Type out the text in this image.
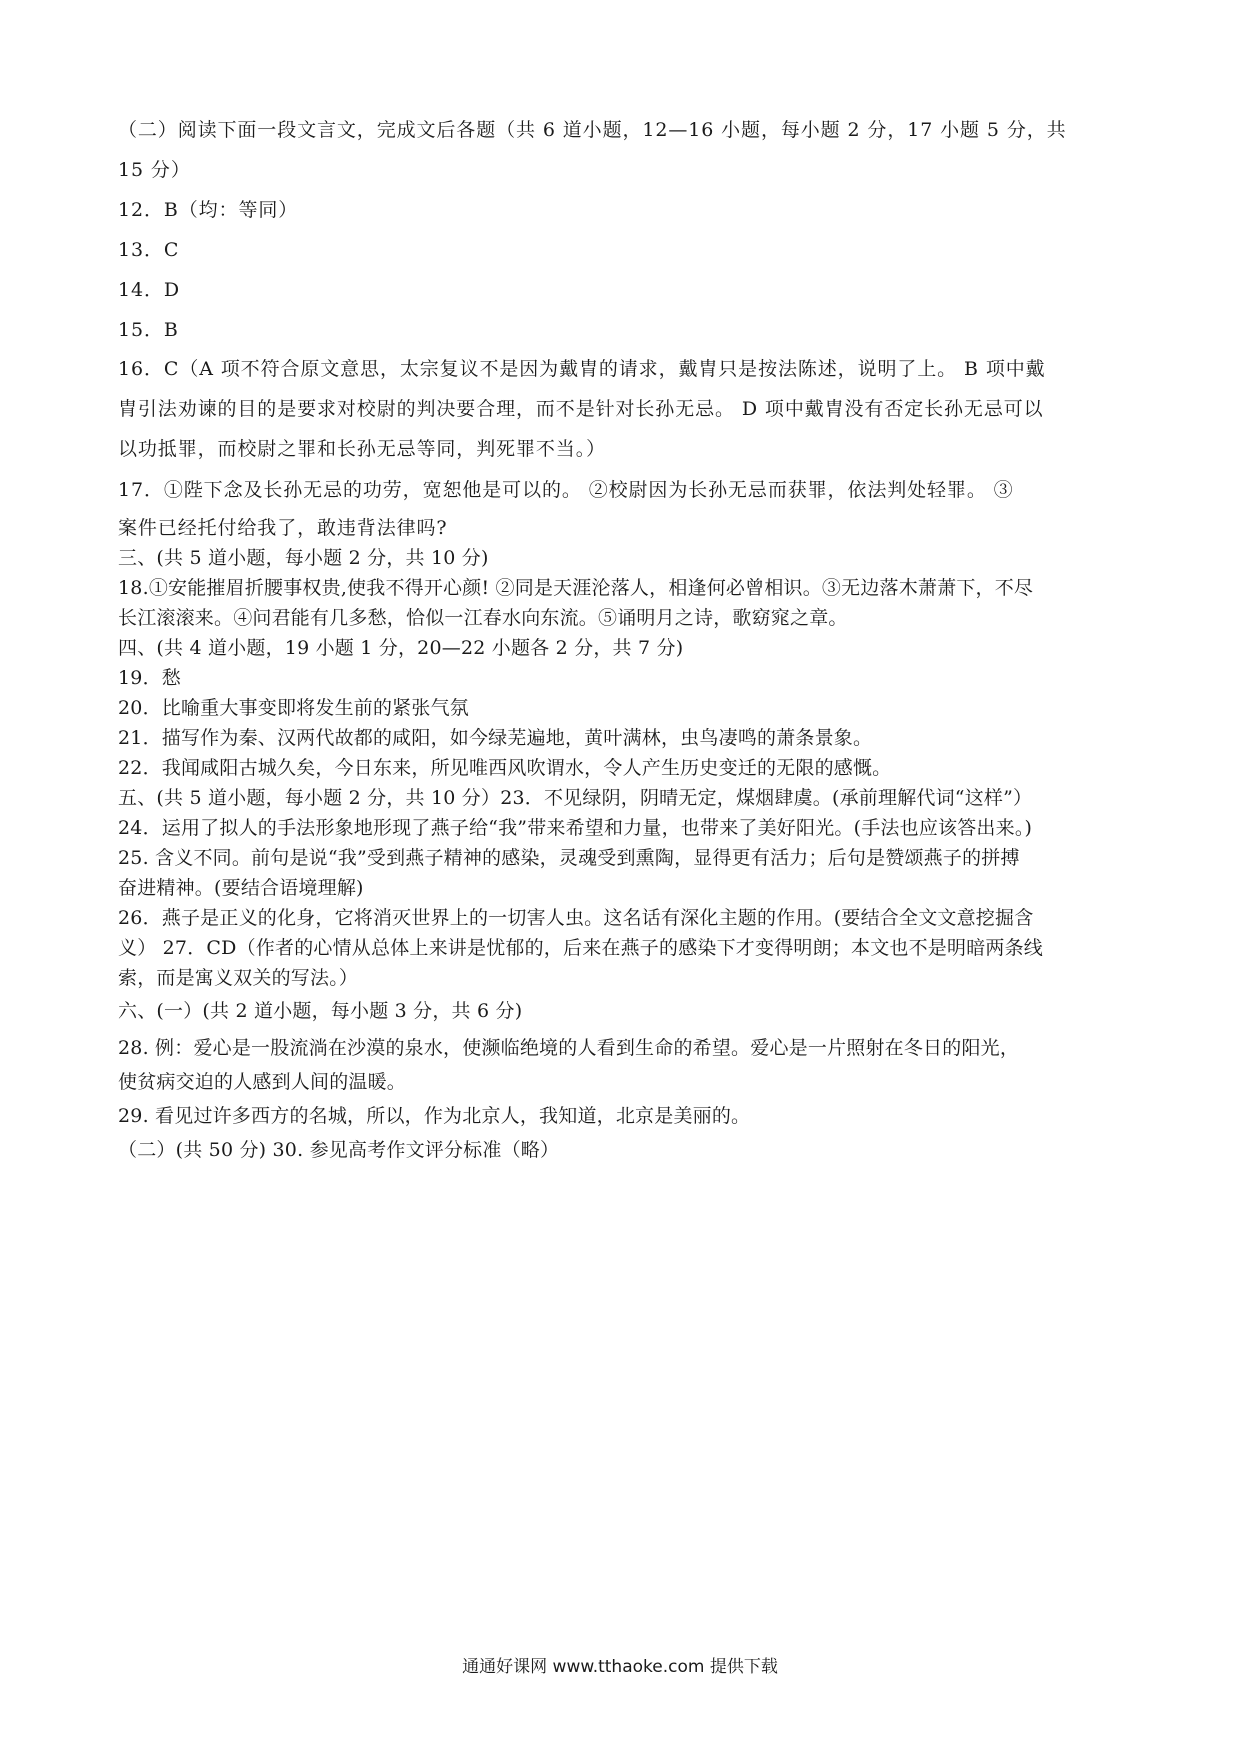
（二）阅读下面一段文言文，完成文后各题（共 6 道小题，12—16 小题，每小题 2 分，17 小题 5 分，共
15 分）
12．B（均：等同）
13．C
14．D
15．B
16．C（A 项不符合原文意思，太宗复议不是因为戴胄的请求，戴胄只是按法陈述，说明了上。 B 项中戴
胄引法劝谏的目的是要求对校尉的判决要合理，而不是针对长孙无忌。 D 项中戴胄没有否定长孙无忌可以
以功抵罪，而校尉之罪和长孙无忌等同，判死罪不当。）
17．①陛下念及长孙无忌的功劳，宽恕他是可以的。 ②校尉因为长孙无忌而获罪，依法判处轻罪。 ③
案件已经托付给我了，敢违背法律吗?
三、(共 5 道小题，每小题 2 分，共 10 分)
18.①安能摧眉折腰事权贵,使我不得开心颜! ②同是天涯沦落人，相逢何必曾相识。③无边落木萧萧下，不尽
长江滚滚来。④问君能有几多愁，恰似一江春水向东流。⑤诵明月之诗，歌窈窕之章。
四、(共 4 道小题，19 小题 1 分，20—22 小题各 2 分，共 7 分)
19．愁
20．比喻重大事变即将发生前的紧张气氛
21．描写作为秦、汉两代故都的咸阳，如今绿芜遍地，黄叶满林，虫鸟凄鸣的萧条景象。
22．我闻咸阳古城久矣，今日东来，所见唯西风吹谓水，令人产生历史变迁的无限的感慨。
五、(共 5 道小题，每小题 2 分，共 10 分）23．不见绿阴，阴晴无定，煤烟肆虞。(承前理解代词“这样”）
24．运用了拟人的手法形象地形现了燕子给“我”带来希望和力量，也带来了美好阳光。(手法也应该答出来。)
25. 含义不同。前句是说“我”受到燕子精神的感染，灵魂受到熏陶，显得更有活力；后句是赞颂燕子的拼搏
奋进精神。(要结合语境理解)
26．燕子是正义的化身，它将消灭世界上的一切害人虫。这名话有深化主题的作用。(要结合全文文意挖掘含
义） 27．CD（作者的心情从总体上来讲是忧郁的，后来在燕子的感染下才变得明朗；本文也不是明暗两条线
索，而是寓义双关的写法。）
六、(一）(共 2 道小题，每小题 3 分，共 6 分)
28. 例：爱心是一股流淌在沙漠的泉水，使濒临绝境的人看到生命的希望。爱心是一片照射在冬日的阳光，
使贫病交迫的人感到人间的温暖。
29. 看见过许多西方的名城，所以，作为北京人，我知道，北京是美丽的。
（二）(共 50 分) 30. 参见高考作文评分标准（略）
通通好课网 www.tthaoke.com 提供下载
